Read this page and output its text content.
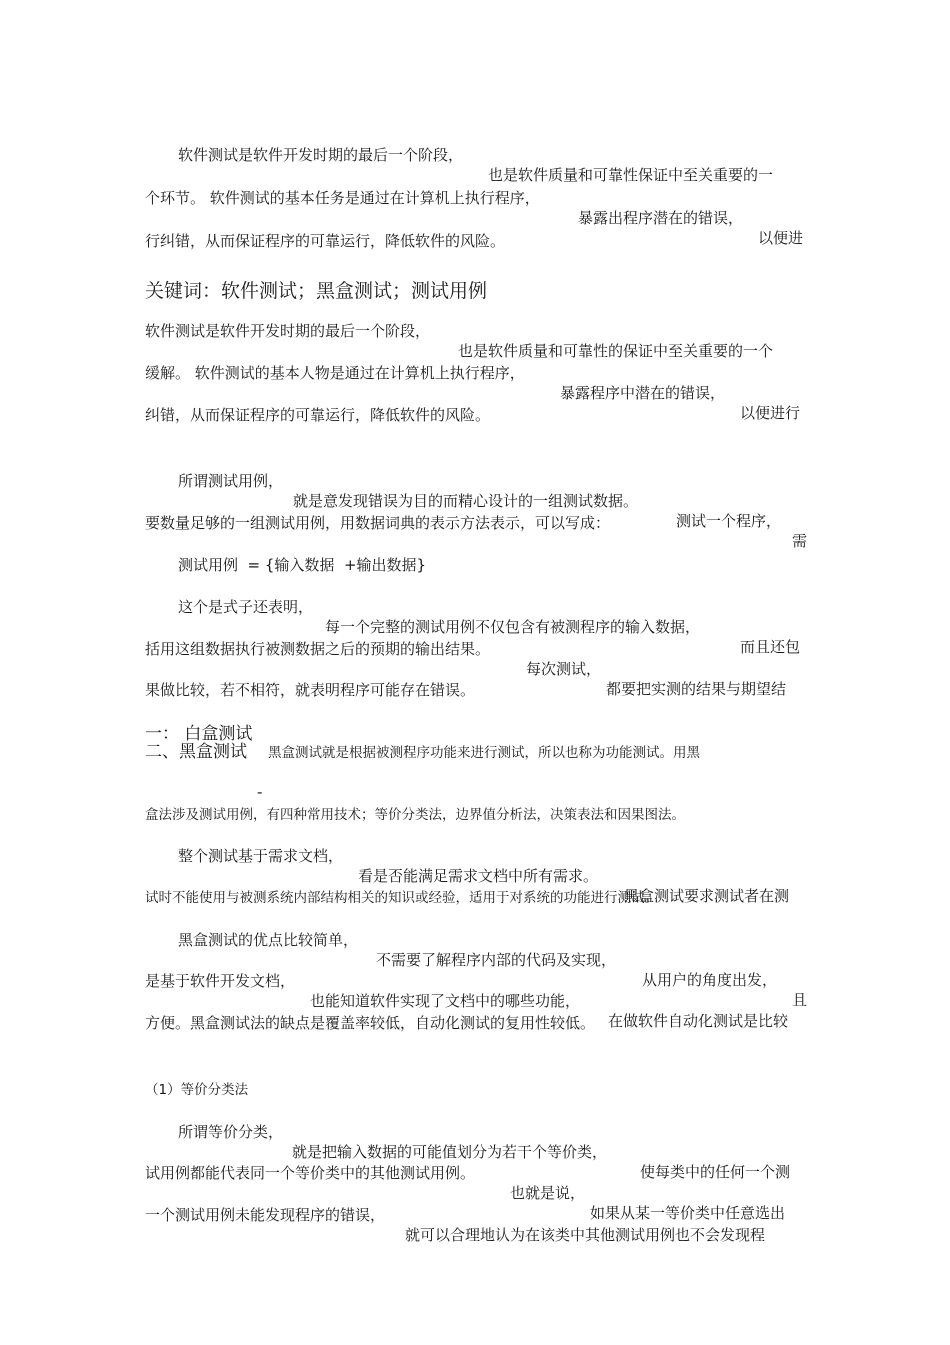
软件测试是软件开发时期的最后一个阶段，

也是软件质量和可靠性保证中至关重要的一

个环节。 软件测试的基本任务是通过在计算机上执行程序，

暴露出程序潜在的错误，

以便进

行纠错，从而保证程序的可靠运行，降低软件的风险。

关键词：软件测试；黑盒测试；测试用例

软件测试是软件开发时期的最后一个阶段，

也是软件质量和可靠性的保证中至关重要的一个

缓解。 软件测试的基本人物是通过在计算机上执行程序，

暴露程序中潜在的错误，

以便进行

纠错，从而保证程序的可靠运行，降低软件的风险。

所谓测试用例，

就是意发现错误为目的而精心设计的一组测试数据。

测试一个程序，

需

要数量足够的一组测试用例，用数据词典的表示方法表示，可以写成：

测试用例  = {输入数据  +输出数据}

这个是式子还表明，

每一个完整的测试用例不仅包含有被测程序的输入数据，

而且还包

括用这组数据执行被测数据之后的预期的输出结果。

每次测试，

都要把实测的结果与期望结

果做比较，若不相符，就表明程序可能存在错误。

一： 白盒测试

二、黑盒测试

-

黑盒测试就是根据被测程序功能来进行测试，所以也称为功能测试。用黑

盒法涉及测试用例，有四种常用技术；等价分类法，边界值分析法，决策表法和因果图法。

整个测试基于需求文档，

看是否能满足需求文档中所有需求。

黑盒测试要求测试者在测

试时不能使用与被测系统内部结构相关的知识或经验，适用于对系统的功能进行测试。

黑盒测试的优点比较简单，

不需要了解程序内部的代码及实现，

从用户的角度出发，

且

是基于软件开发文档，

也能知道软件实现了文档中的哪些功能，

在做软件自动化测试是比较

方便。黑盒测试法的缺点是覆盖率较低，自动化测试的复用性较低。

（1）等价分类法

所谓等价分类，

就是把输入数据的可能值划分为若干个等价类，

使每类中的任何一个测

试用例都能代表同一个等价类中的其他测试用例。

也就是说，

如果从某一等价类中任意选出

一个测试用例未能发现程序的错误，

就可以合理地认为在该类中其他测试用例也不会发现程
